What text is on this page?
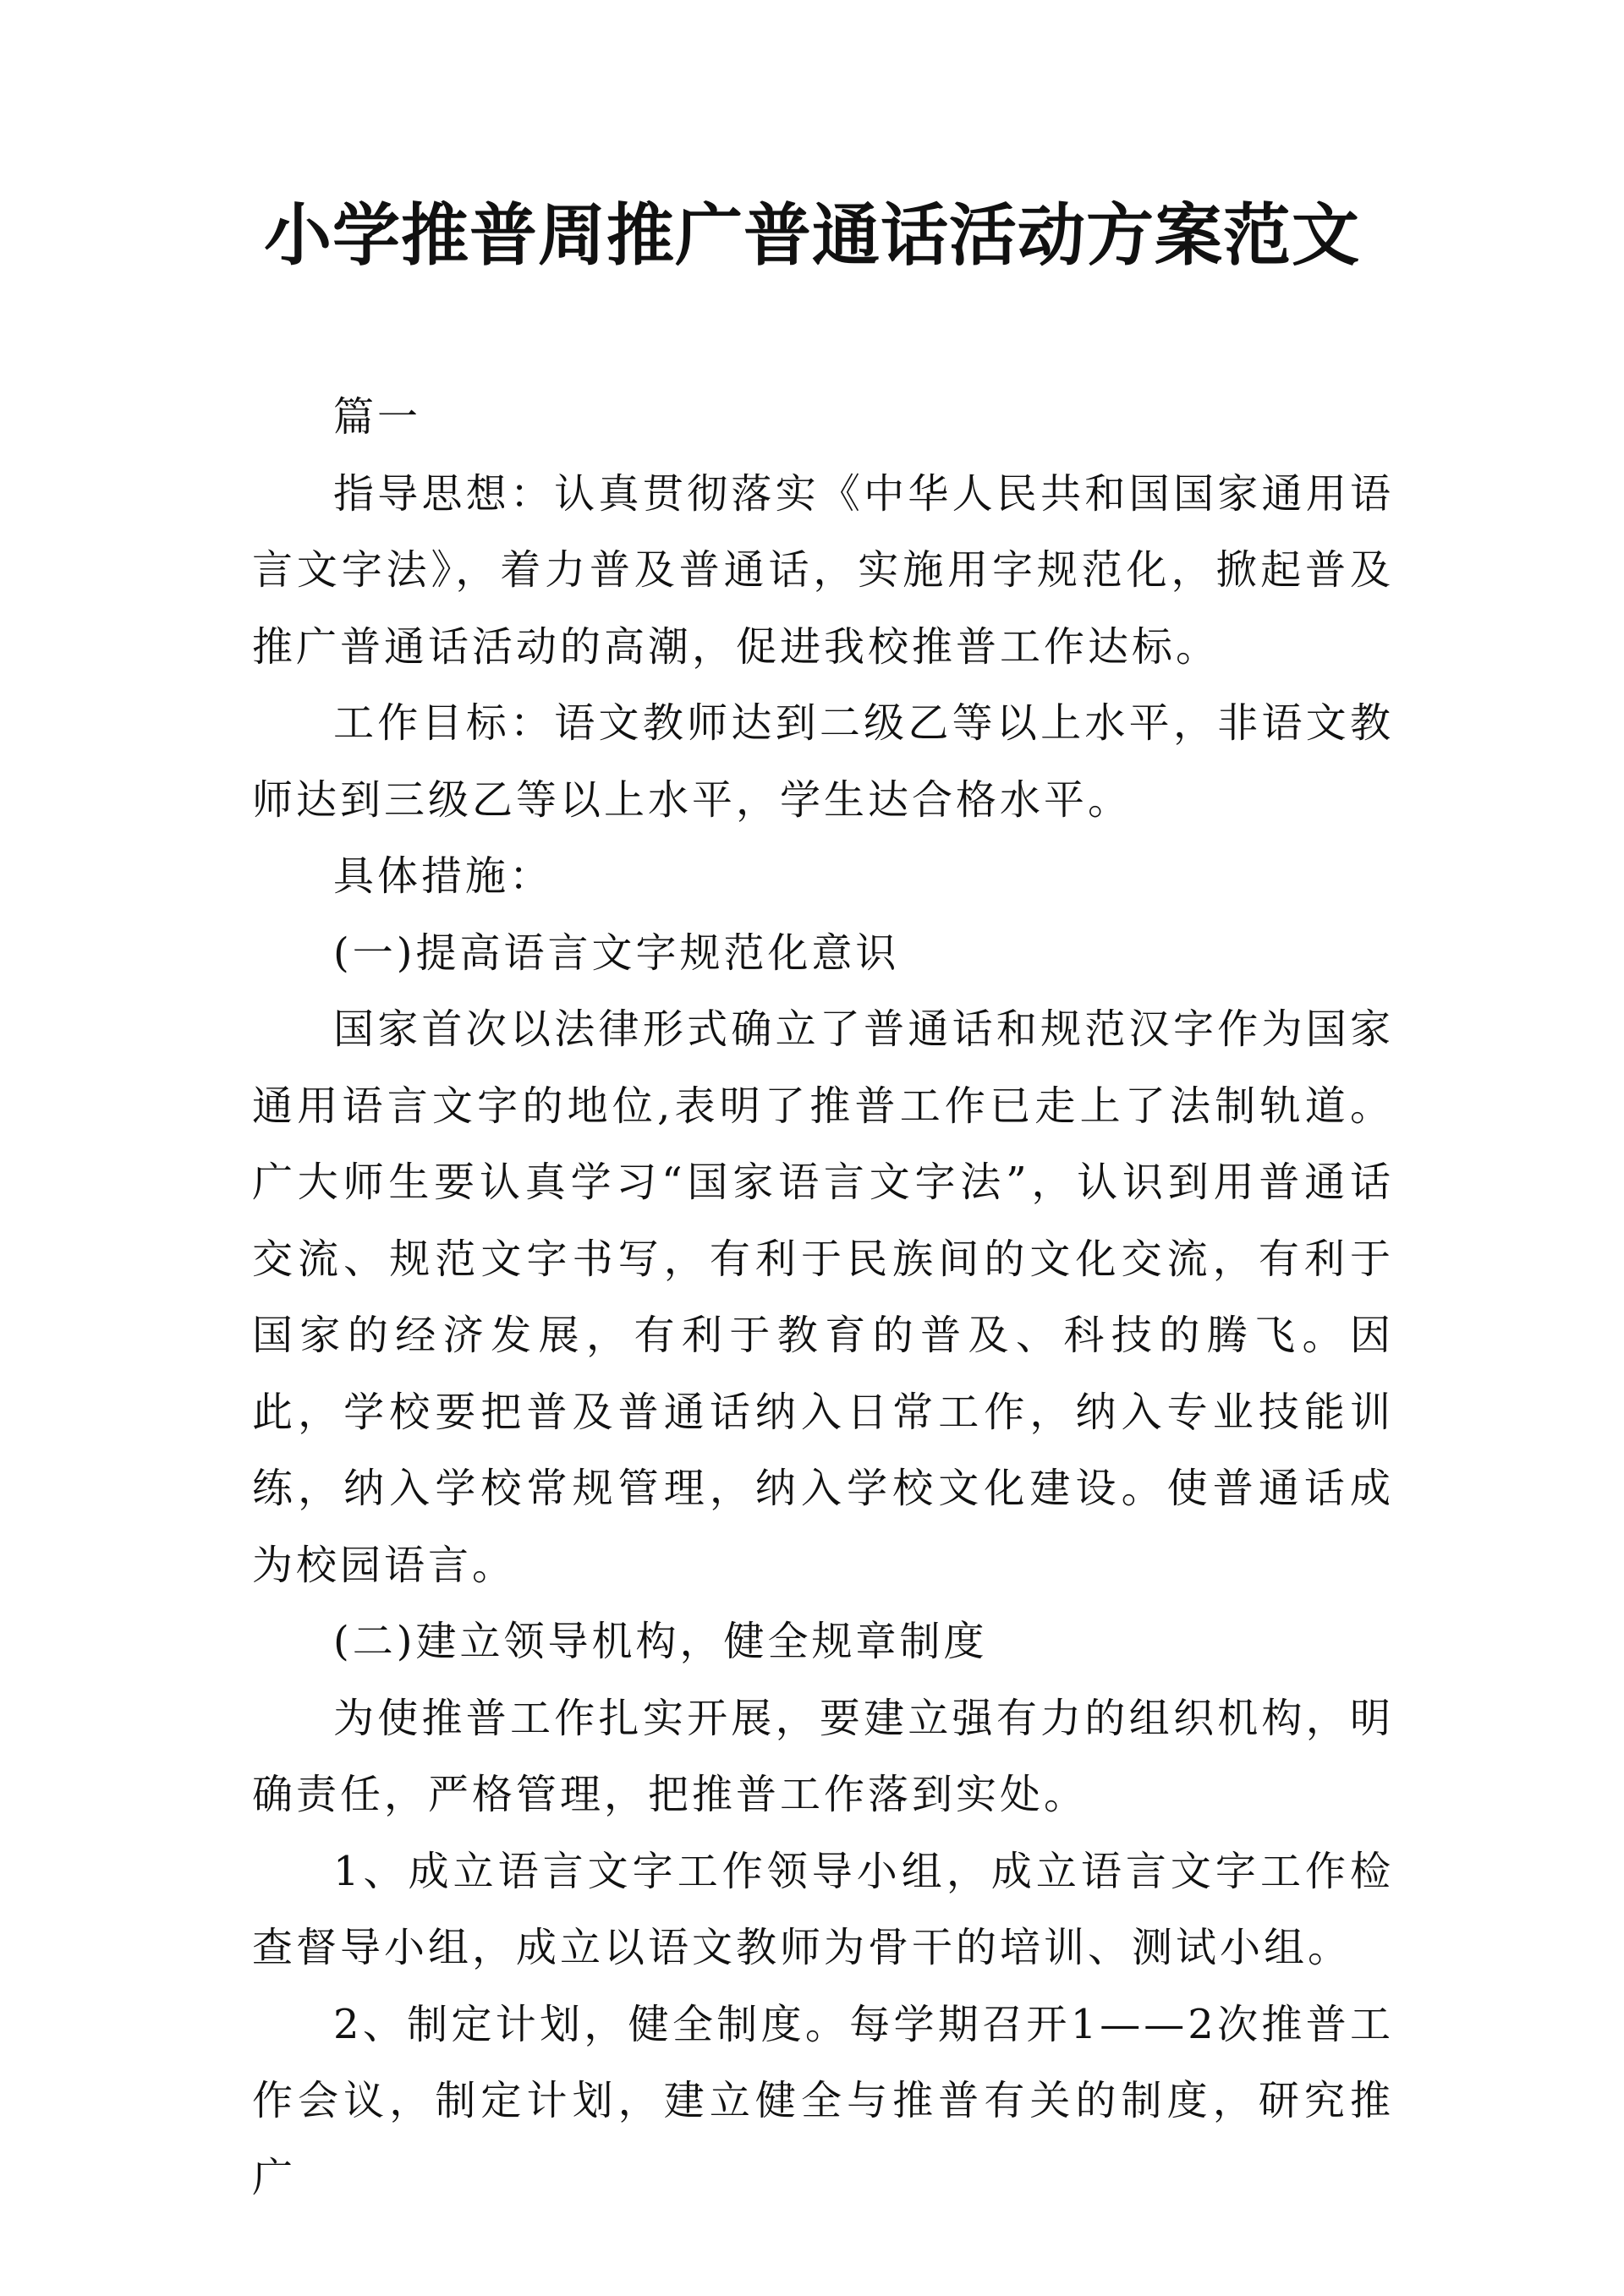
小学推普周推广普通话活动方案范文

篇一

指导思想：认真贯彻落实《中华人民共和国国家通用语言文字法》，着力普及普通话，实施用字规范化，掀起普及推广普通话活动的高潮，促进我校推普工作达标。

工作目标：语文教师达到二级乙等以上水平，非语文教师达到三级乙等以上水平，学生达合格水平。

具体措施：

(一)提高语言文字规范化意识

国家首次以法律形式确立了普通话和规范汉字作为国家通用语言文字的地位,表明了推普工作已走上了法制轨道。广大师生要认真学习“国家语言文字法”，认识到用普通话交流、规范文字书写，有利于民族间的文化交流，有利于国家的经济发展，有利于教育的普及、科技的腾飞。因此，学校要把普及普通话纳入日常工作，纳入专业技能训练，纳入学校常规管理，纳入学校文化建设。使普通话成为校园语言。

(二)建立领导机构，健全规章制度

为使推普工作扎实开展，要建立强有力的组织机构，明确责任，严格管理，把推普工作落到实处。

1、成立语言文字工作领导小组，成立语言文字工作检查督导小组，成立以语文教师为骨干的培训、测试小组。

2、制定计划，健全制度。每学期召开1——2次推普工作会议，制定计划，建立健全与推普有关的制度，研究推广
